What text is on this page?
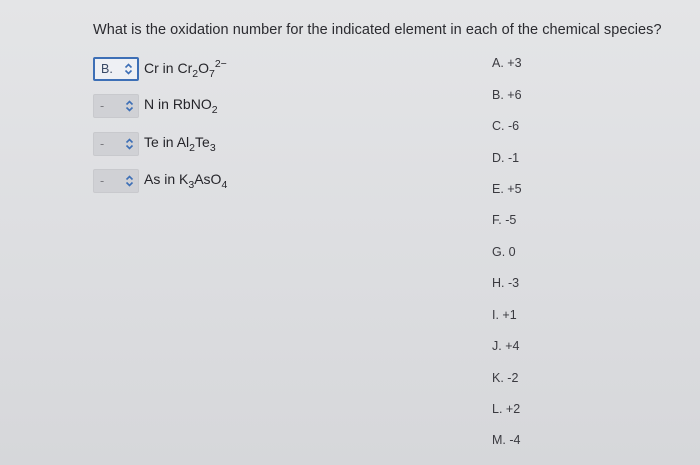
What is the oxidation number for the indicated element in each of the chemical species?
B. Cr in $Cr_2O_7^{2-}$
-	N in RbNO$_2$
-	Te in $Al_2Te_3$
-	As in $K_3AsO_4$
A. +3
B. +6
C. -6
D. -1
E. +5
F. -5
G. 0
H. -3
I. +1
J. +4
K. -2
L. +2
M. -4
